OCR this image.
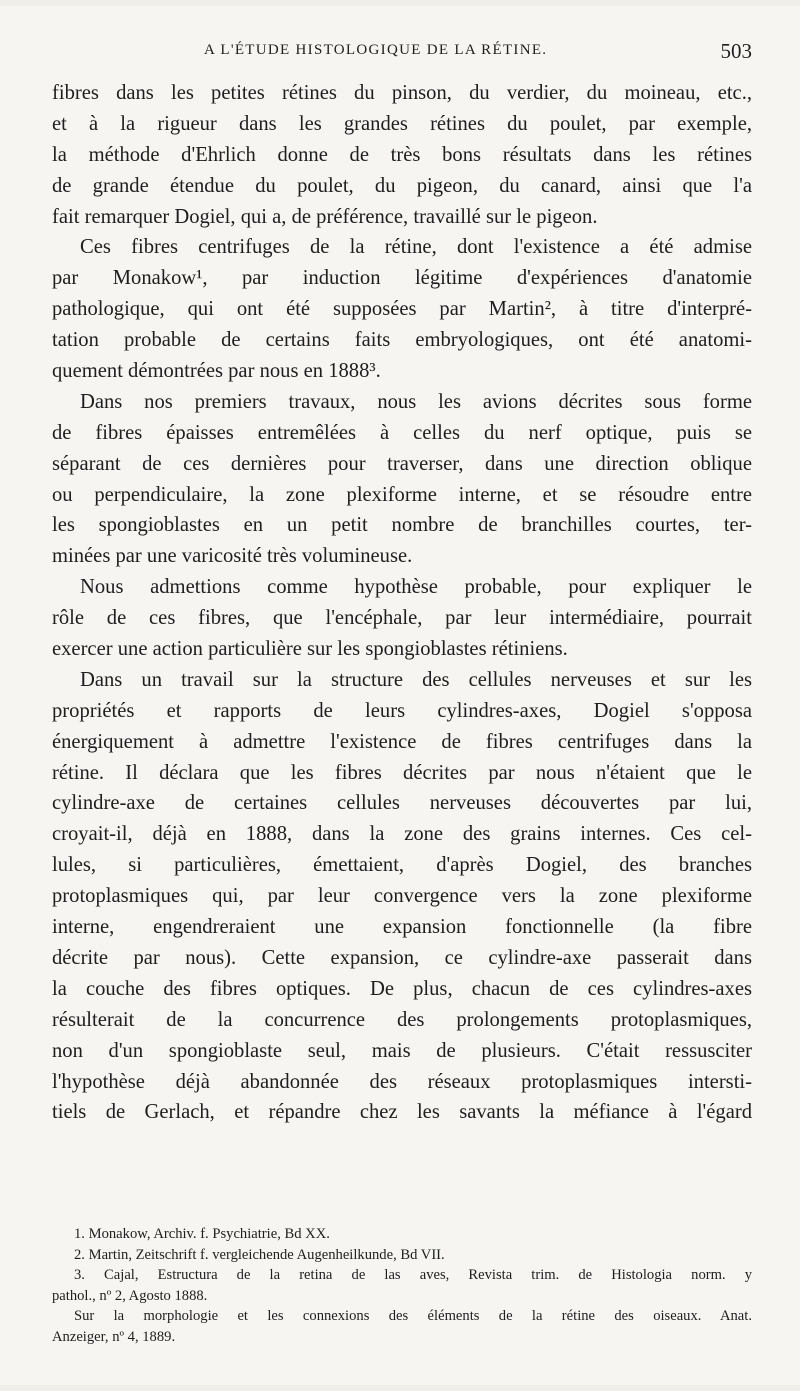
A L'ÉTUDE HISTOLOGIQUE DE LA RÉTINE.	503
fibres dans les petites rétines du pinson, du verdier, du moineau, etc.,
et à la rigueur dans les grandes rétines du poulet, par exemple,
la méthode d'Ehrlich donne de très bons résultats dans les rétines
de grande étendue du poulet, du pigeon, du canard, ainsi que l'a
fait remarquer Dogiel, qui a, de préférence, travaillé sur le pigeon.
Ces fibres centrifuges de la rétine, dont l'existence a été admise
par Monakow¹, par induction légitime d'expériences d'anatomie
pathologique, qui ont été supposées par Martin², à titre d'interpré-
tation probable de certains faits embryologiques, ont été anatomi-
quement démontrées par nous en 1888³.
Dans nos premiers travaux, nous les avions décrites sous forme
de fibres épaisses entremêlées à celles du nerf optique, puis se
séparant de ces dernières pour traverser, dans une direction oblique
ou perpendiculaire, la zone plexiforme interne, et se résoudre entre
les spongioblastes en un petit nombre de branchilles courtes, ter-
minées par une varicosité très volumineuse.
Nous admettions comme hypothèse probable, pour expliquer le
rôle de ces fibres, que l'encéphale, par leur intermédiaire, pourrait
exercer une action particulière sur les spongioblastes rétiniens.
Dans un travail sur la structure des cellules nerveuses et sur les
propriétés et rapports de leurs cylindres-axes, Dogiel s'opposa
énergiquement à admettre l'existence de fibres centrifuges dans la
rétine. Il déclara que les fibres décrites par nous n'étaient que le
cylindre-axe de certaines cellules nerveuses découvertes par lui,
croyait-il, déjà en 1888, dans la zone des grains internes. Ces cel-
lules, si particulières, émettaient, d'après Dogiel, des branches
protoplasmiques qui, par leur convergence vers la zone plexiforme
interne, engendreraient une expansion fonctionnelle (la fibre
décrite par nous). Cette expansion, ce cylindre-axe passerait dans
la couche des fibres optiques. De plus, chacun de ces cylindres-axes
résulterait de la concurrence des prolongements protoplasmiques,
non d'un spongioblaste seul, mais de plusieurs. C'était ressusciter
l'hypothèse déjà abandonnée des réseaux protoplasmiques intersti-
tiels de Gerlach, et répandre chez les savants la méfiance à l'égard
1. Monakow, Archiv. f. Psychiatrie, Bd XX.
2. Martin, Zeitschrift f. vergleichende Augenheilkunde, Bd VII.
3. Cajal, Estructura de la retina de las aves, Revista trim. de Histologia norm. y
pathol., nº 2, Agosto 1888.
Sur la morphologie et les connexions des éléments de la rétine des oiseaux. Anat.
Anzeiger, nº 4, 1889.
